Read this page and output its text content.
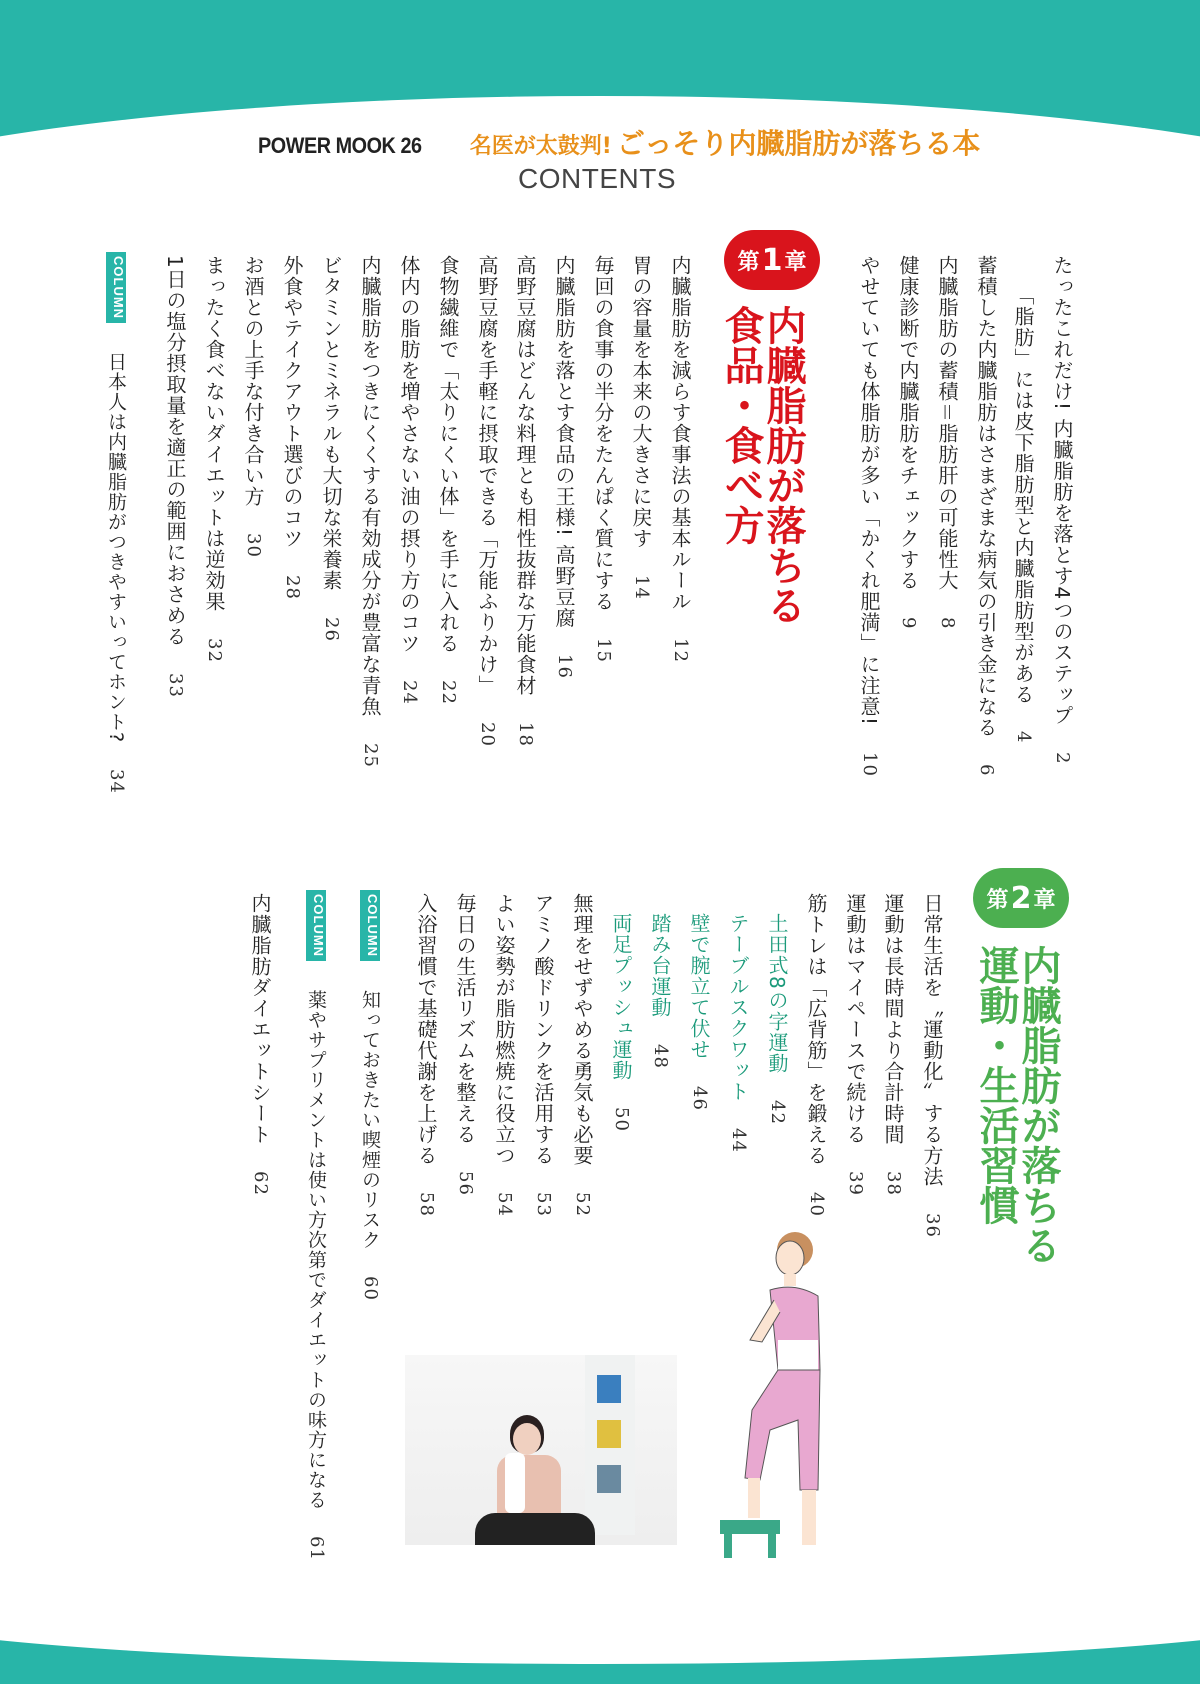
POWER MOOK 26 名医が太鼓判! ごっそり内臓脂肪が落ちる本
CONTENTS
たったこれだけ! 内臓脂肪を落とす4つのステップ2
「脂肪」には皮下脂肪型と内臓脂肪型がある4
蓄積した内臓脂肪はさまざまな病気の引き金になる6
内臓脂肪の蓄積＝脂肪肝の可能性大8
健康診断で内臓脂肪をチェックする9
やせていても体脂肪が多い「かくれ肥満」に注意!10
第 1 章
内臓脂肪が落ちる
食品・食べ方
内臓脂肪を減らす食事法の基本ルール12
胃の容量を本来の大きさに戻す14
毎回の食事の半分をたんぱく質にする15
内臓脂肪を落とす食品の王様! 高野豆腐16
高野豆腐はどんな料理とも相性抜群な万能食材18
高野豆腐を手軽に摂取できる「万能ふりかけ」20
食物繊維で「太りにくい体」を手に入れる22
体内の脂肪を増やさない油の摂り方のコツ24
内臓脂肪をつきにくくする有効成分が豊富な青魚25
ビタミンとミネラルも大切な栄養素26
外食やテイクアウト選びのコツ28
お酒との上手な付き合い方30
まったく食べないダイエットは逆効果32
1日の塩分摂取量を適正の範囲におさめる33
COLUMN
日本人は内臓脂肪がつきやすいってホント?34
第 2 章
内臓脂肪が落ちる
運動・生活習慣
日常生活を〝運動化〟する方法36
運動は長時間より合計時間38
運動はマイペースで続ける39
筋トレは「広背筋」を鍛える40
土田式8の字運動42
テーブルスクワット44
壁で腕立て伏せ46
踏み台運動48
両足プッシュ運動50
無理をせずやめる勇気も必要52
アミノ酸ドリンクを活用する53
よい姿勢が脂肪燃焼に役立つ54
毎日の生活リズムを整える56
入浴習慣で基礎代謝を上げる58
COLUMN
知っておきたい喫煙のリスク60
COLUMN
薬やサプリメントは使い方次第でダイエットの味方になる61
内臓脂肪ダイエットシート62
